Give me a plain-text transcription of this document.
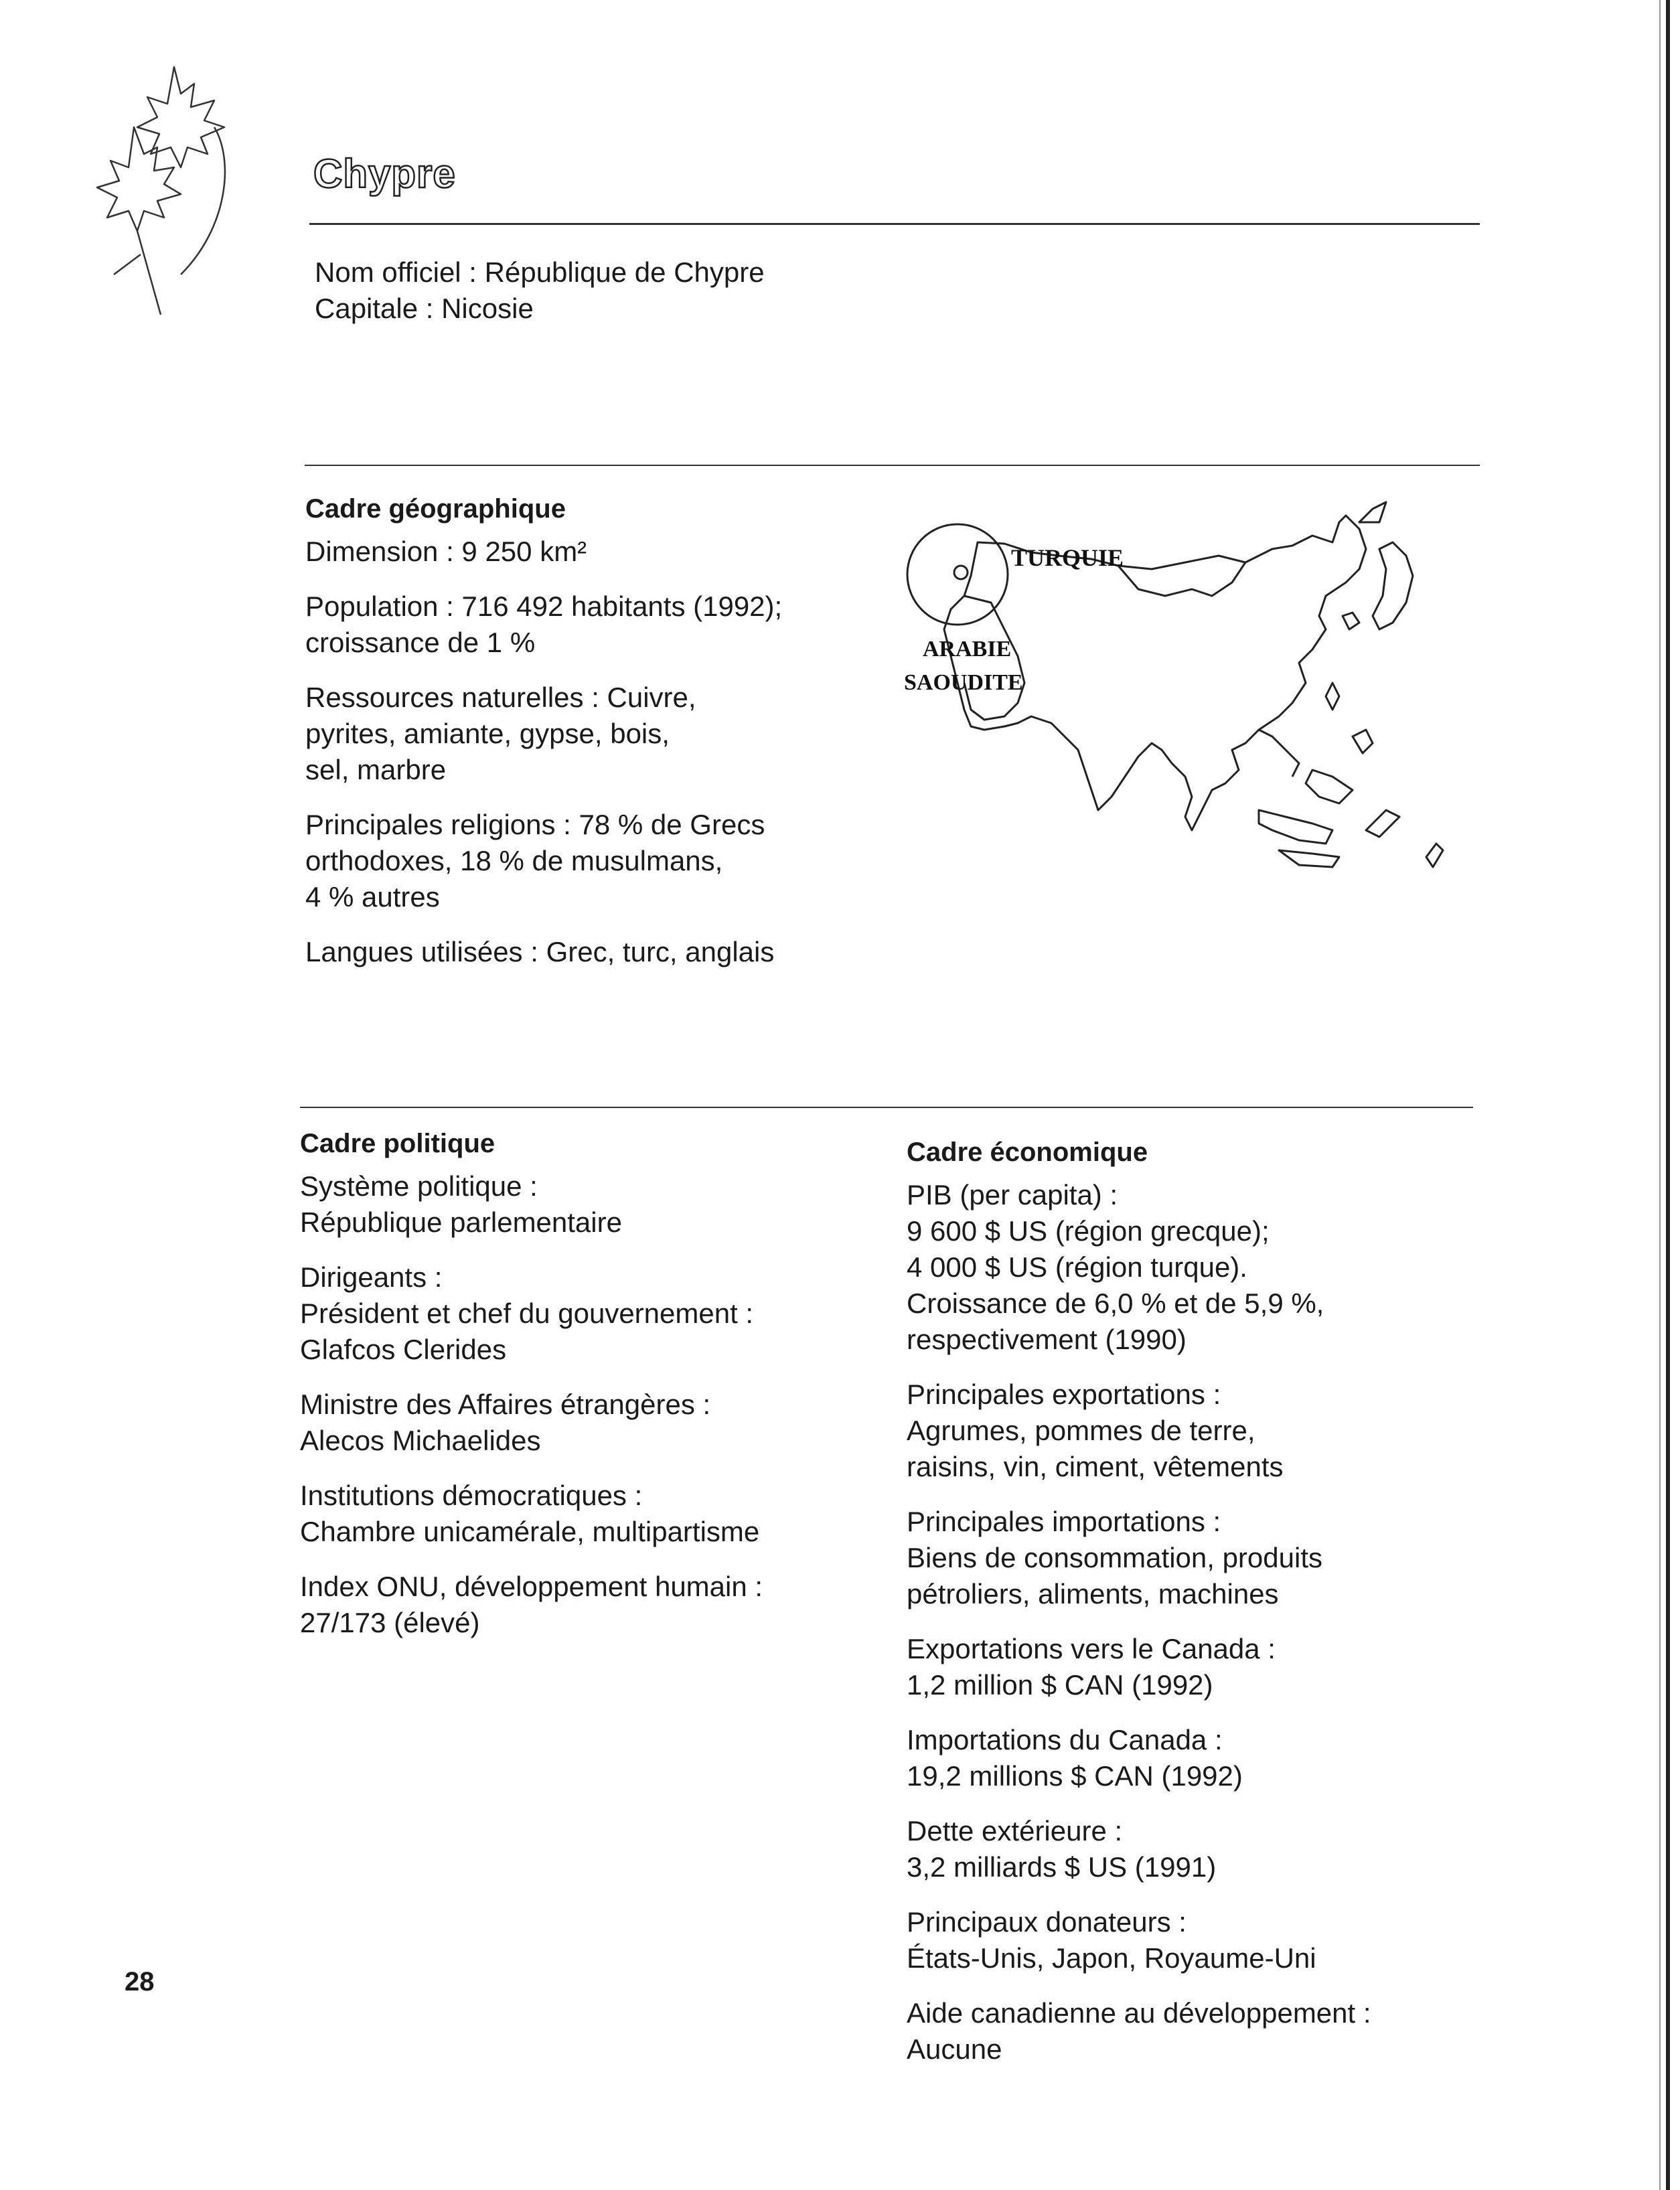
Chypre
Nom officiel : République de Chypre
Capitale : Nicosie
Cadre géographique

Dimension : 9 250 km²

Population : 716 492 habitants (1992);
croissance de 1 %

Ressources naturelles : Cuivre,
pyrites, amiante, gypse, bois,
sel, marbre

Principales religions : 78 % de Grecs
orthodoxes, 18 % de musulmans,
4 % autres

Langues utilisées : Grec, turc, anglais

TURQUIE
ARABIE
SAOUDITE
Cadre politique

Système politique :
République parlementaire

Dirigeants :
Président et chef du gouvernement :
Glafcos Clerides

Ministre des Affaires étrangères :
Alecos Michaelides

Institutions démocratiques :
Chambre unicamérale, multipartisme

Index ONU, développement humain :
27/173 (élevé)

Cadre économique

PIB (per capita) :
9 600 $ US (région grecque);
4 000 $ US (région turque).
Croissance de 6,0 % et de 5,9 %,
respectivement (1990)

Principales exportations :
Agrumes, pommes de terre,
raisins, vin, ciment, vêtements

Principales importations :
Biens de consommation, produits
pétroliers, aliments, machines

Exportations vers le Canada :
1,2 million $ CAN (1992)

Importations du Canada :
19,2 millions $ CAN (1992)

Dette extérieure :
3,2 milliards $ US (1991)

Principaux donateurs :
États-Unis, Japon, Royaume-Uni

Aide canadienne au développement :
Aucune

28
